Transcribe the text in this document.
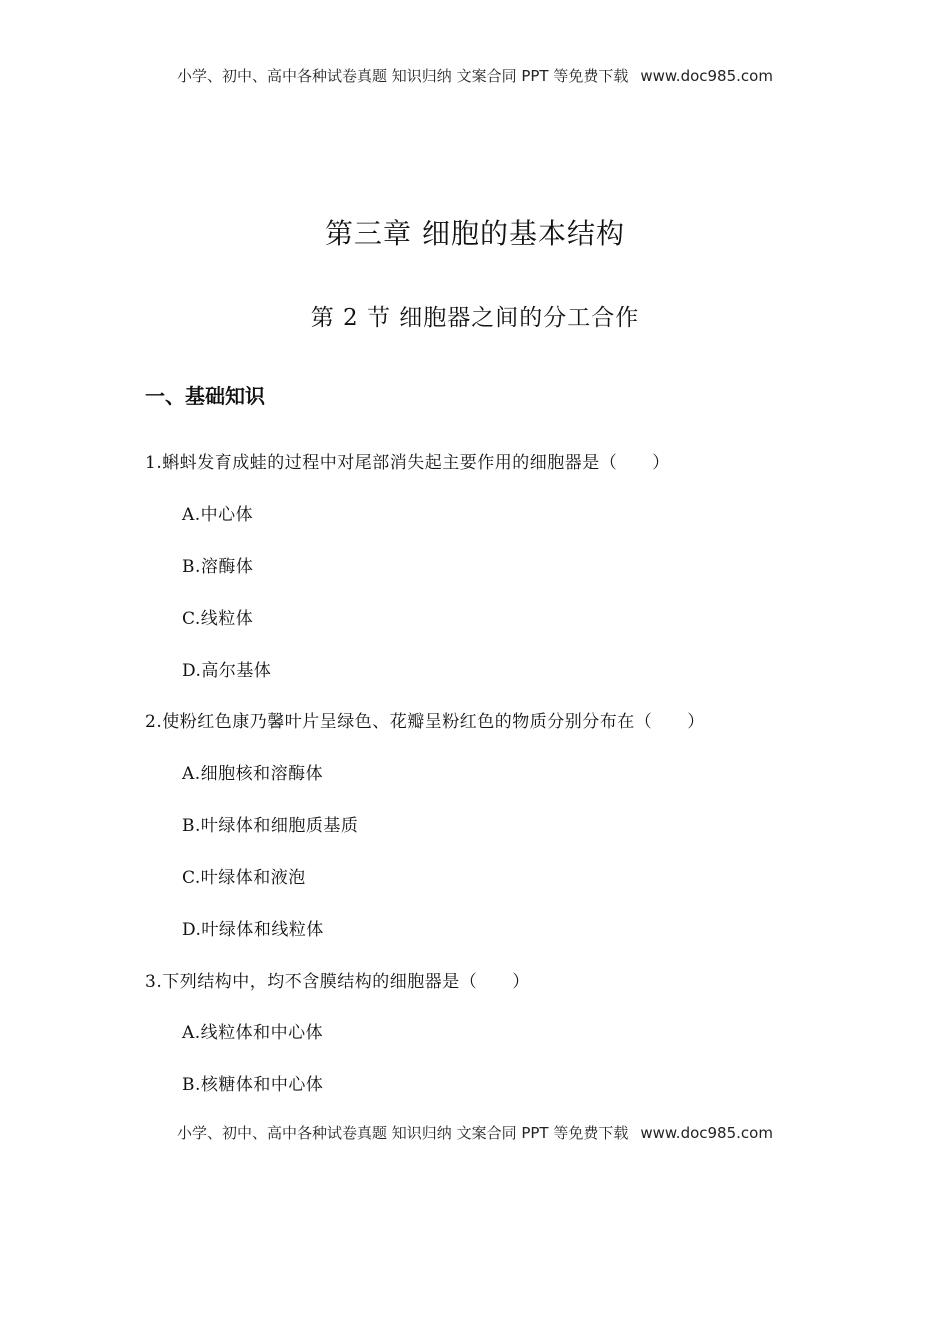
小学、初中、高中各种试卷真题 知识归纳 文案合同 PPT 等免费下载 www.doc985.com
第三章 细胞的基本结构
第 2 节 细胞器之间的分工合作
一、基础知识
1.蝌蚪发育成蛙的过程中对尾部消失起主要作用的细胞器是（　　）
A.中心体
B.溶酶体
C.线粒体
D.高尔基体
2.使粉红色康乃馨叶片呈绿色、花瓣呈粉红色的物质分别分布在（　　）
A.细胞核和溶酶体
B.叶绿体和细胞质基质
C.叶绿体和液泡
D.叶绿体和线粒体
3.下列结构中，均不含膜结构的细胞器是（　　）
A.线粒体和中心体
B.核糖体和中心体
小学、初中、高中各种试卷真题 知识归纳 文案合同 PPT 等免费下载 www.doc985.com
